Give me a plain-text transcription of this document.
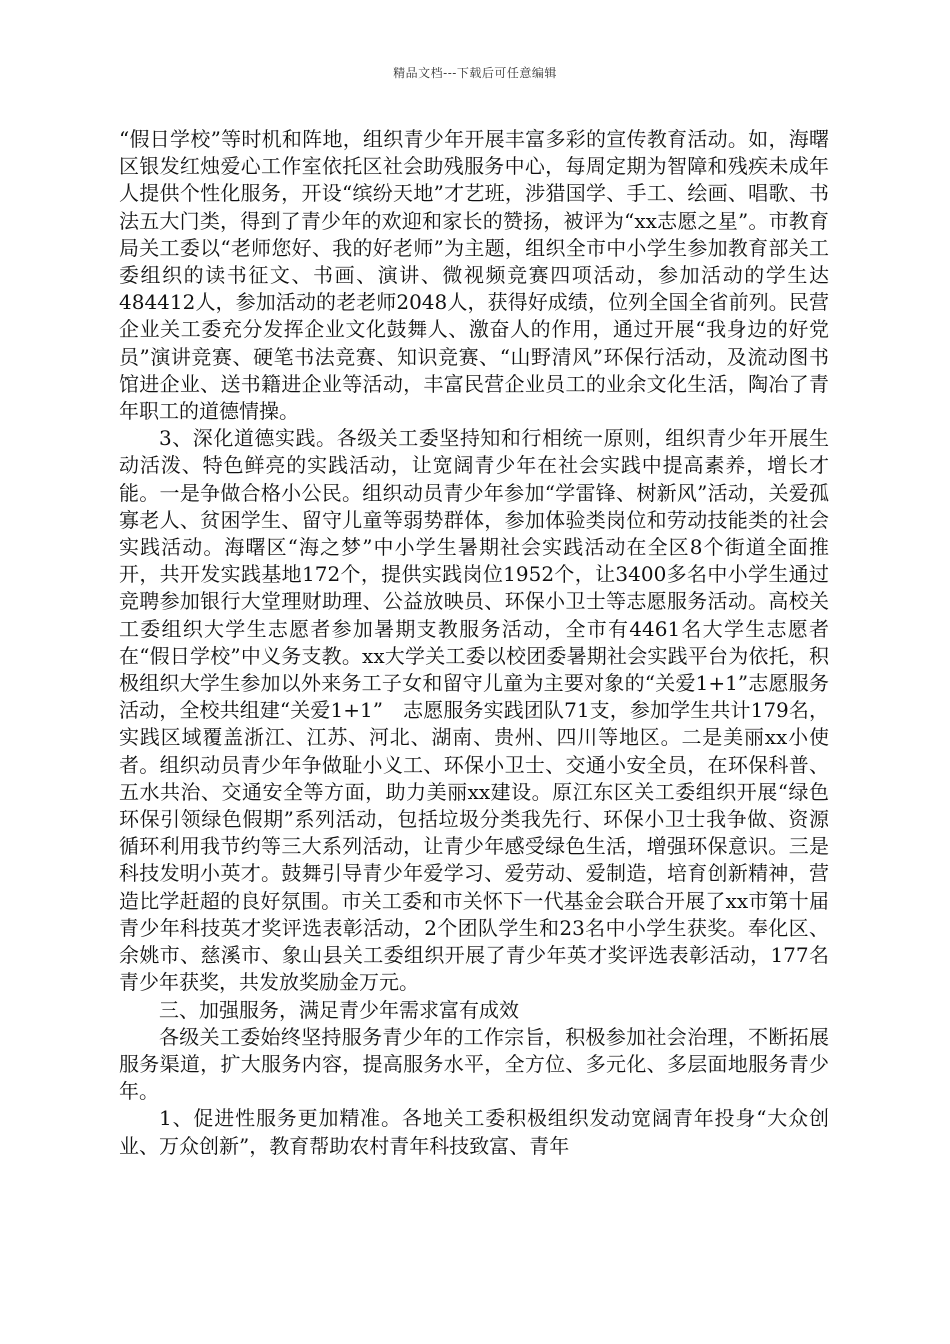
精品文档---下载后可任意编辑

“假日学校”等时机和阵地，组织青少年开展丰富多彩的宣传教育活动。如，海曙区银发红烛爱心工作室依托区社会助残服务中心，每周定期为智障和残疾未成年人提供个性化服务，开设“缤纷天地”才艺班，涉猎国学、手工、绘画、唱歌、书法五大门类，得到了青少年的欢迎和家长的赞扬，被评为“xx志愿之星”。市教育局关工委以“老师您好、我的好老师”为主题，组织全市中小学生参加教育部关工委组织的读书征文、书画、演讲、微视频竞赛四项活动，参加活动的学生达484412人，参加活动的老老师2048人，获得好成绩，位列全国全省前列。民营企业关工委充分发挥企业文化鼓舞人、激奋人的作用，通过开展“我身边的好党员”演讲竞赛、硬笔书法竞赛、知识竞赛、“山野清风”环保行活动，及流动图书馆进企业、送书籍进企业等活动，丰富民营企业员工的业余文化生活，陶冶了青年职工的道德情操。

3、深化道德实践。各级关工委坚持知和行相统一原则，组织青少年开展生动活泼、特色鲜亮的实践活动，让宽阔青少年在社会实践中提高素养，增长才能。一是争做合格小公民。组织动员青少年参加“学雷锋、树新风”活动，关爱孤寡老人、贫困学生、留守儿童等弱势群体，参加体验类岗位和劳动技能类的社会实践活动。海曙区“海之梦”中小学生暑期社会实践活动在全区8个街道全面推开，共开发实践基地172个，提供实践岗位1952个，让3400多名中小学生通过竞聘参加银行大堂理财助理、公益放映员、环保小卫士等志愿服务活动。高校关工委组织大学生志愿者参加暑期支教服务活动，全市有4461名大学生志愿者在“假日学校”中义务支教。xx大学关工委以校团委暑期社会实践平台为依托，积极组织大学生参加以外来务工子女和留守儿童为主要对象的“关爱1+1”志愿服务活动，全校共组建“关爱1+1”　志愿服务实践团队71支，参加学生共计179名，实践区域覆盖浙江、江苏、河北、湖南、贵州、四川等地区。二是美丽xx小使者。组织动员青少年争做耻小义工、环保小卫士、交通小安全员，在环保科普、五水共治、交通安全等方面，助力美丽xx建设。原江东区关工委组织开展“绿色环保引领绿色假期”系列活动，包括垃圾分类我先行、环保小卫士我争做、资源循环利用我节约等三大系列活动，让青少年感受绿色生活，增强环保意识。三是科技发明小英才。鼓舞引导青少年爱学习、爱劳动、爱制造，培育创新精神，营造比学赶超的良好氛围。市关工委和市关怀下一代基金会联合开展了xx市第十届青少年科技英才奖评选表彰活动，2个团队学生和23名中小学生获奖。奉化区、余姚市、慈溪市、象山县关工委组织开展了青少年英才奖评选表彰活动，177名青少年获奖，共发放奖励金万元。

三、加强服务，满足青少年需求富有成效

各级关工委始终坚持服务青少年的工作宗旨，积极参加社会治理，不断拓展服务渠道，扩大服务内容，提高服务水平，全方位、多元化、多层面地服务青少年。

1、促进性服务更加精准。各地关工委积极组织发动宽阔青年投身“大众创业、万众创新”，教育帮助农村青年科技致富、青年
